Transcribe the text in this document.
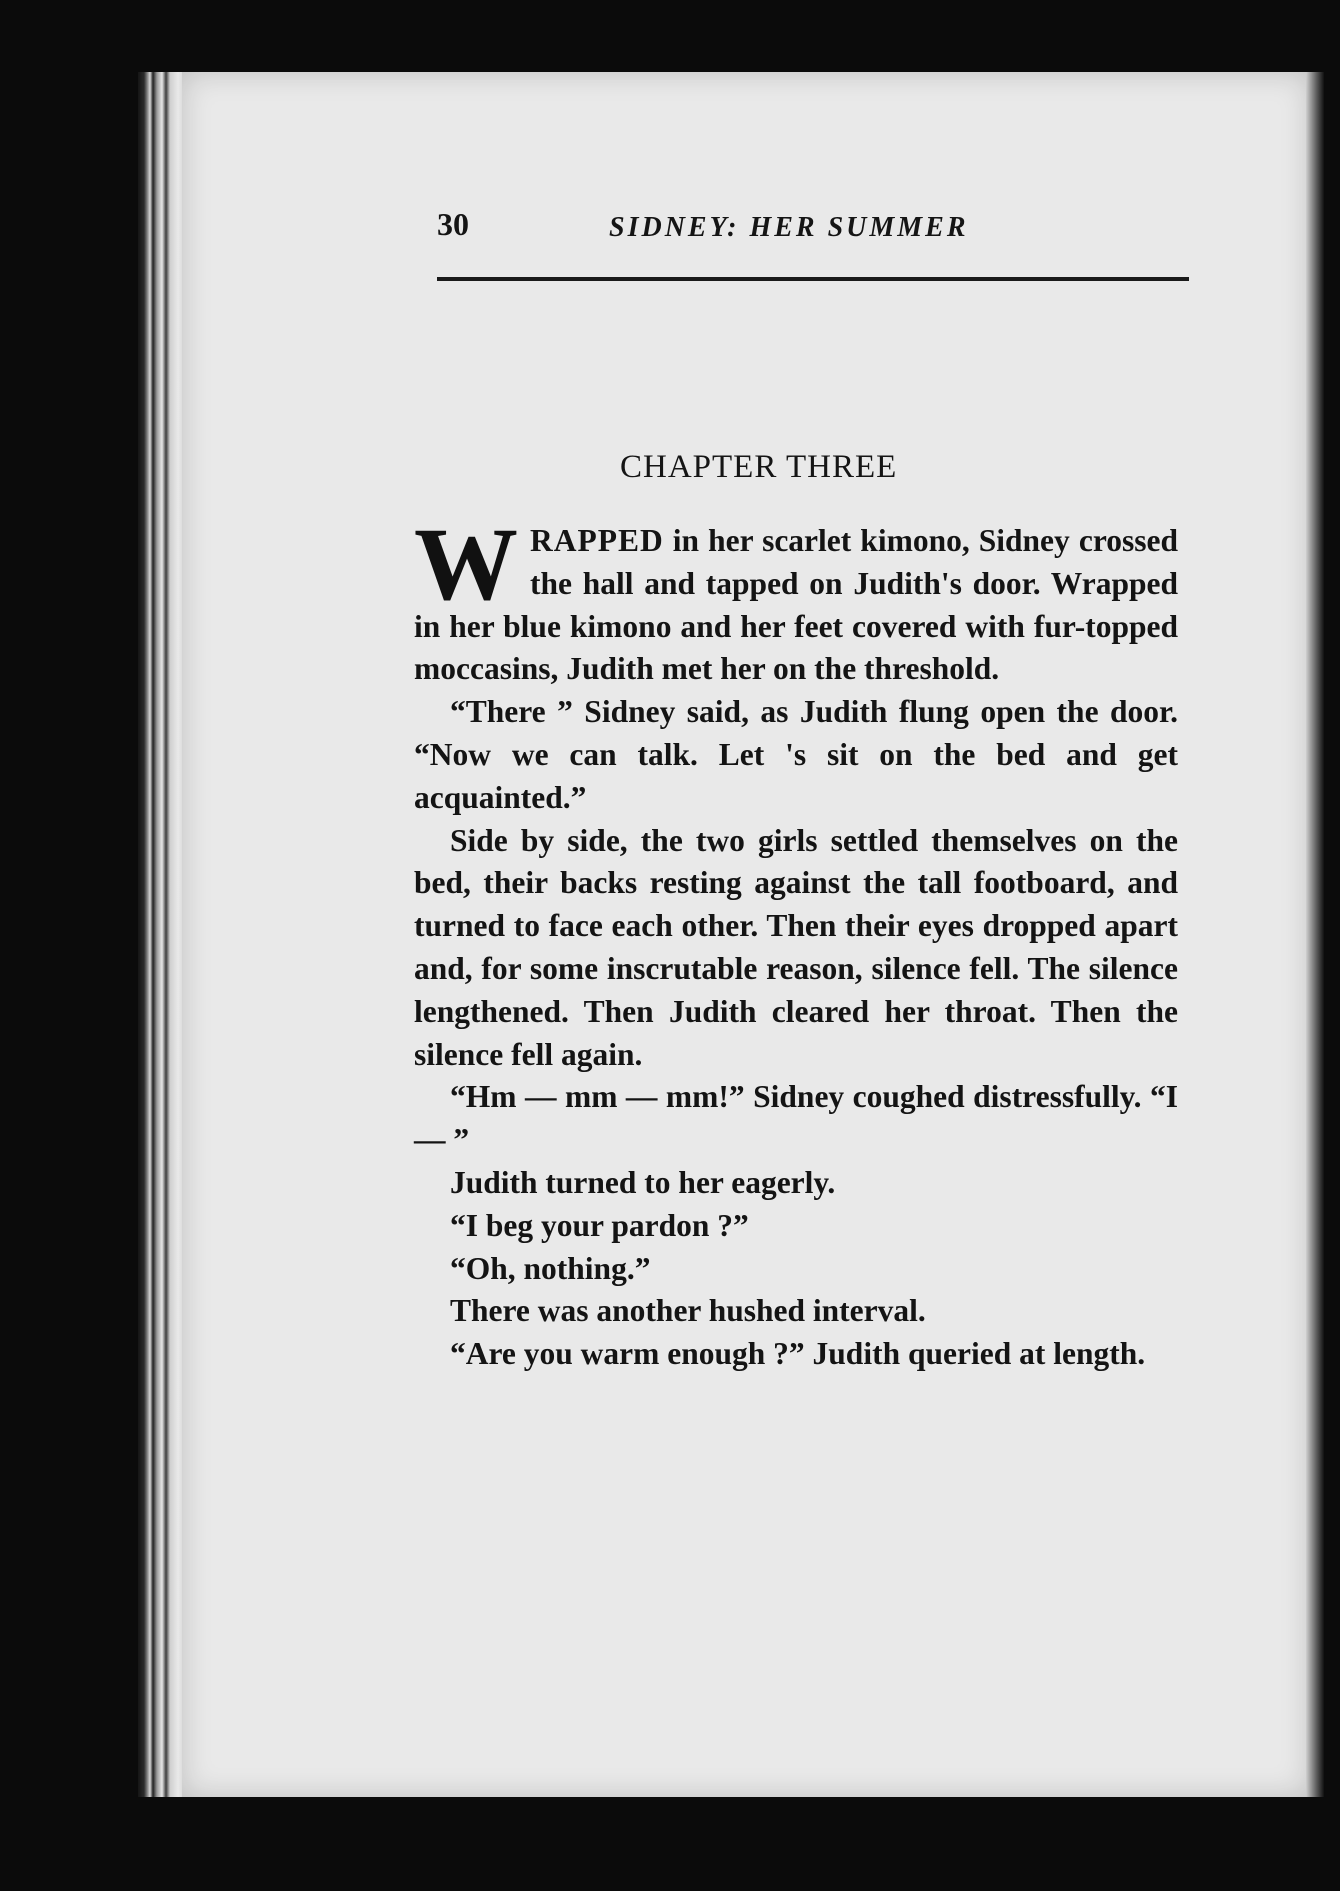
30	SIDNEY: HER SUMMER
CHAPTER THREE

WRAPPED in her scarlet kimono, Sidney crossed the hall and tapped on Judith's door. Wrapped in her blue kimono and her feet covered with fur-topped moccasins, Judith met her on the threshold.

“There ” Sidney said, as Judith flung open the door. “Now we can talk. Let 's sit on the bed and get acquainted.”

Side by side, the two girls settled themselves on the bed, their backs resting against the tall footboard, and turned to face each other. Then their eyes dropped apart and, for some inscrutable reason, silence fell. The silence lengthened. Then Judith cleared her throat. Then the silence fell again.

“Hm — mm — mm!” Sidney coughed distressfully. “I — ”

Judith turned to her eagerly.

“I beg your pardon ?”

“Oh, nothing.”

There was another hushed interval.

“Are you warm enough ?” Judith queried at length.
